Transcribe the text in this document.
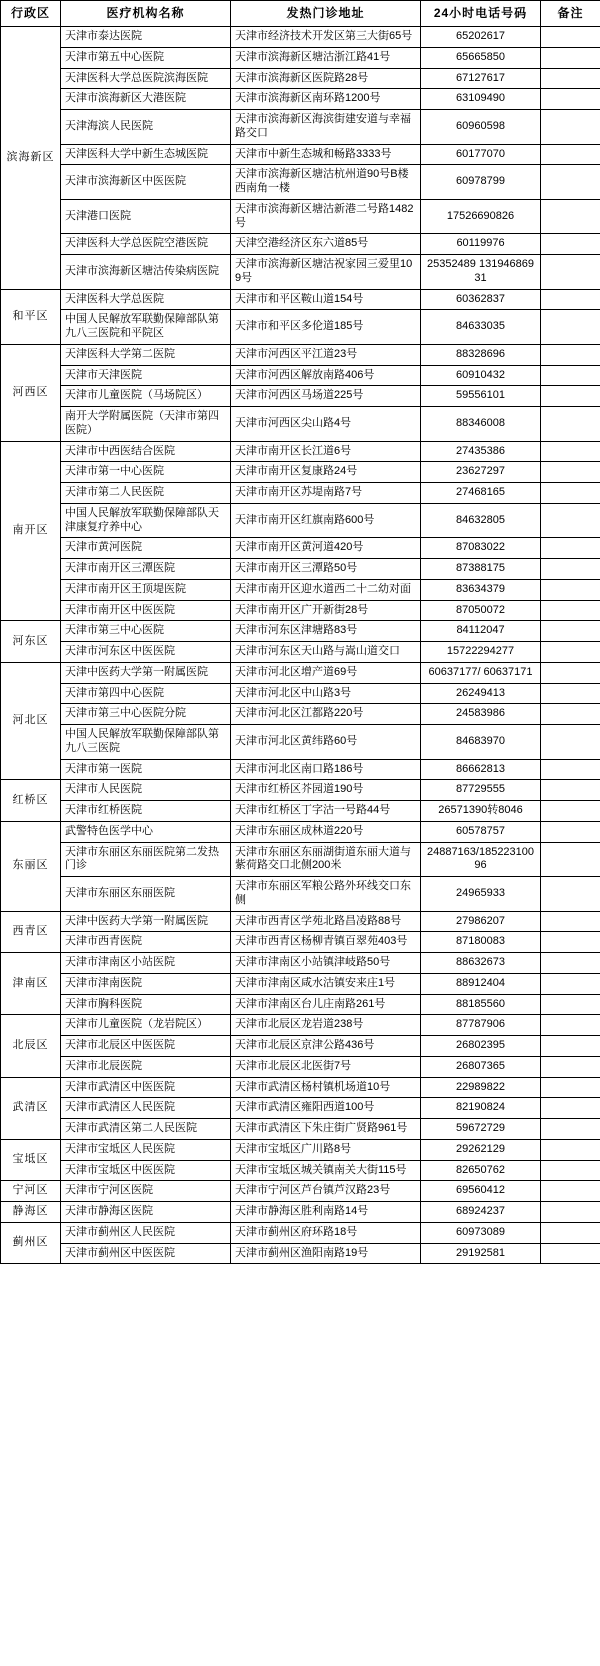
行政区	医疗机构名称	发热门诊地址	24小时电话号码	备注
滨海新区	天津市泰达医院	天津市经济技术开发区第三大街65号	65202617	
	天津市第五中心医院	天津市滨海新区塘沽浙江路41号	65665850	
	天津医科大学总医院滨海医院	天津市滨海新区医院路28号	67127617	
	天津市滨海新区大港医院	天津市滨海新区南环路1200号	63109490	
	天津海滨人民医院	天津市滨海新区海滨街建安道与幸福路交口	60960598	
	天津医科大学中新生态城医院	天津市中新生态城和畅路3333号	60177070	
	天津市滨海新区中医医院	天津市滨海新区塘沽杭州道90号B楼西南角一楼	60978799	
	天津港口医院	天津市滨海新区塘沽新港二号路1482号	17526690826	
	天津医科大学总医院空港医院	天津空港经济区东六道85号	60119976	
	天津市滨海新区塘沽传染病医院	天津市滨海新区塘沽祝家园三爱里109号	25352489 13194686931	
和平区	天津医科大学总医院	天津市和平区鞍山道154号	60362837	
	中国人民解放军联勤保障部队第九八三医院和平院区	天津市和平区多伦道185号	84633035	
河西区	天津医科大学第二医院	天津市河西区平江道23号	88328696	
	天津市天津医院	天津市河西区解放南路406号	60910432	
	天津市儿童医院（马场院区）	天津市河西区马场道225号	59556101	
	南开大学附属医院（天津市第四医院）	天津市河西区尖山路4号	88346008	
南开区	天津市中西医结合医院	天津市南开区长江道6号	27435386	
	天津市第一中心医院	天津市南开区复康路24号	23627297	
	天津市第二人民医院	天津市南开区苏堤南路7号	27468165	
	中国人民解放军联勤保障部队天津康复疗养中心	天津市南开区红旗南路600号	84632805	
	天津市黄河医院	天津市南开区黄河道420号	87083022	
	天津市南开区三潭医院	天津市南开区三潭路50号	87388175	
	天津市南开区王顶堤医院	天津市南开区迎水道西二十二幼对面	83634379	
	天津市南开区中医医院	天津市南开区广开新街28号	87050072	
河东区	天津市第三中心医院	天津市河东区津塘路83号	84112047	
	天津市河东区中医医院	天津市河东区天山路与嵩山道交口	15722294277	
河北区	天津中医药大学第一附属医院	天津市河北区增产道69号	60637177/ 60637171	
	天津市第四中心医院	天津市河北区中山路3号	26249413	
	天津市第三中心医院分院	天津市河北区江都路220号	24583986	
	中国人民解放军联勤保障部队第九八三医院	天津市河北区黄纬路60号	84683970	
	天津市第一医院	天津市河北区南口路186号	86662813	
红桥区	天津市人民医院	天津市红桥区芥园道190号	87729555	
	天津市红桥医院	天津市红桥区丁字沽一号路44号	26571390转8046	
东丽区	武警特色医学中心	天津市东丽区成林道220号	60578757	
	天津市东丽区东丽医院第二发热门诊	天津市东丽区东丽湖街道东丽大道与紫荷路交口北侧200米	24887163/18522310096	
	天津市东丽区东丽医院	天津市东丽区军粮公路外环线交口东侧	24965933	
西青区	天津中医药大学第一附属医院	天津市西青区学苑北路昌凌路88号	27986207	
	天津市西青医院	天津市西青区杨柳青镇百翠苑403号	87180083	
津南区	天津市津南区小站医院	天津市津南区小站镇津岐路50号	88632673	
	天津市津南医院	天津市津南区咸水沽镇安来庄1号	88912404	
	天津市胸科医院	天津市津南区台儿庄南路261号	88185560	
北辰区	天津市儿童医院（龙岩院区）	天津市北辰区龙岩道238号	87787906	
	天津市北辰区中医医院	天津市北辰区京津公路436号	26802395	
	天津市北辰医院	天津市北辰区北医街7号	26807365	
武清区	天津市武清区中医医院	天津市武清区杨村镇机场道10号	22989822	
	天津市武清区人民医院	天津市武清区雍阳西道100号	82190824	
	天津市武清区第二人民医院	天津市武清区下朱庄街广贤路961号	59672729	
宝坻区	天津市宝坻区人民医院	天津市宝坻区广川路8号	29262129	
	天津市宝坻区中医医院	天津市宝坻区城关镇南关大街115号	82650762	
宁河区	天津市宁河区医院	天津市宁河区芦台镇芦汉路23号	69560412	
静海区	天津市静海区医院	天津市静海区胜利南路14号	68924237	
蓟州区	天津市蓟州区人民医院	天津市蓟州区府环路18号	60973089	
	天津市蓟州区中医医院	天津市蓟州区渔阳南路19号	29192581	
